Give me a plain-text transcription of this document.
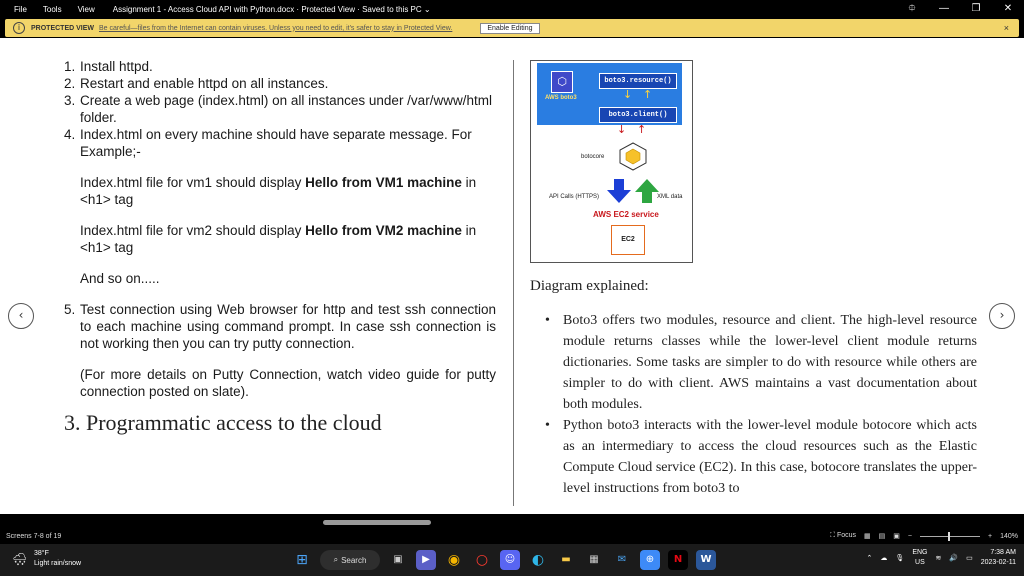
File	Tools	View	Assignment 1 - Access Cloud API with Python.docx · Protected View · Saved to this PC ⌄	⯐	—	❐	✕
i	PROTECTED VIEW Be careful—files from the Internet can contain viruses. Unless you need to edit, it's safer to stay in Protected View.	Enable Editing	×
1. Install httpd.
2. Restart and enable httpd on all instances.
3. Create a web page (index.html) on all instances under /var/www/html folder.
4. Index.html on every machine should have separate message. For Example;-
Index.html file for vm1 should display Hello from VM1 machine in <h1> tag
Index.html file for vm2 should display Hello from VM2 machine in <h1> tag
And so on.....
5. Test connection using Web browser for http and test ssh connection to each machine using command prompt. In case ssh connection is not working then you can try putty connection.
(For more details on Putty Connection, watch video guide for putty connection posted on slate).
3. Programmatic access to the cloud
⬡
AWS boto3
boto3.resource()
↓ ↑
boto3.client()
↓ ↑
botocore
API Calls (HTTPS)	XML data
AWS EC2 service
EC2
Diagram explained:
• Boto3 offers two modules, resource and client. The high-level resource module returns classes while the lower-level client module returns dictionaries. Some tasks are simpler to do with resource while others are simpler to do with client. AWS maintains a vast documentation about both modules.
• Python boto3 interacts with the lower-level module botocore which acts as an intermediary to access the cloud resources such as the Elastic Compute Cloud service (EC2). In this case, botocore translates the upper-level instructions from boto3 to
‹	›
Screens 7-8 of 19	⛶ Focus ▦ ▤ ▣ −	+ 140%
🌨 38°F
Light rain/snow	⊞	⌕ Search	▣	▶	◉ ○	☺	◐	▬	▦	✉	⊕	N	W	⌃ ☁ 🎙
ENG
US
≋ 🔊 ▭
7:38 AM
2023-02-11
